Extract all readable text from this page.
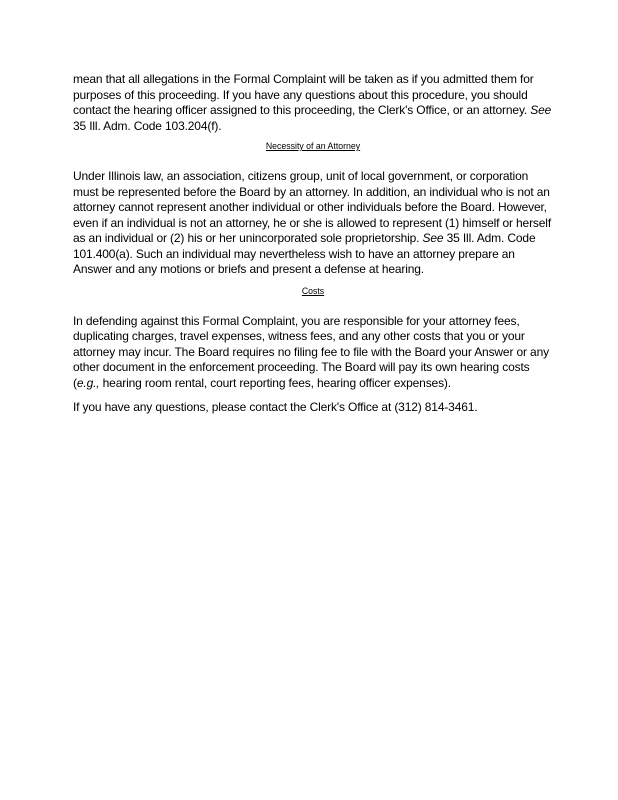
mean that all allegations in the Formal Complaint will be taken as if you admitted them for purposes of this proceeding. If you have any questions about this procedure, you should contact the hearing officer assigned to this proceeding, the Clerk's Office, or an attorney. See 35 Ill. Adm. Code 103.204(f).

Necessity of an Attorney

Under Illinois law, an association, citizens group, unit of local government, or corporation must be represented before the Board by an attorney. In addition, an individual who is not an attorney cannot represent another individual or other individuals before the Board. However, even if an individual is not an attorney, he or she is allowed to represent (1) himself or herself as an individual or (2) his or her unincorporated sole proprietorship. See 35 Ill. Adm. Code 101.400(a). Such an individual may nevertheless wish to have an attorney prepare an Answer and any motions or briefs and present a defense at hearing.

Costs

In defending against this Formal Complaint, you are responsible for your attorney fees, duplicating charges, travel expenses, witness fees, and any other costs that you or your attorney may incur. The Board requires no filing fee to file with the Board your Answer or any other document in the enforcement proceeding. The Board will pay its own hearing costs (e.g., hearing room rental, court reporting fees, hearing officer expenses).

If you have any questions, please contact the Clerk's Office at (312) 814-3461.
